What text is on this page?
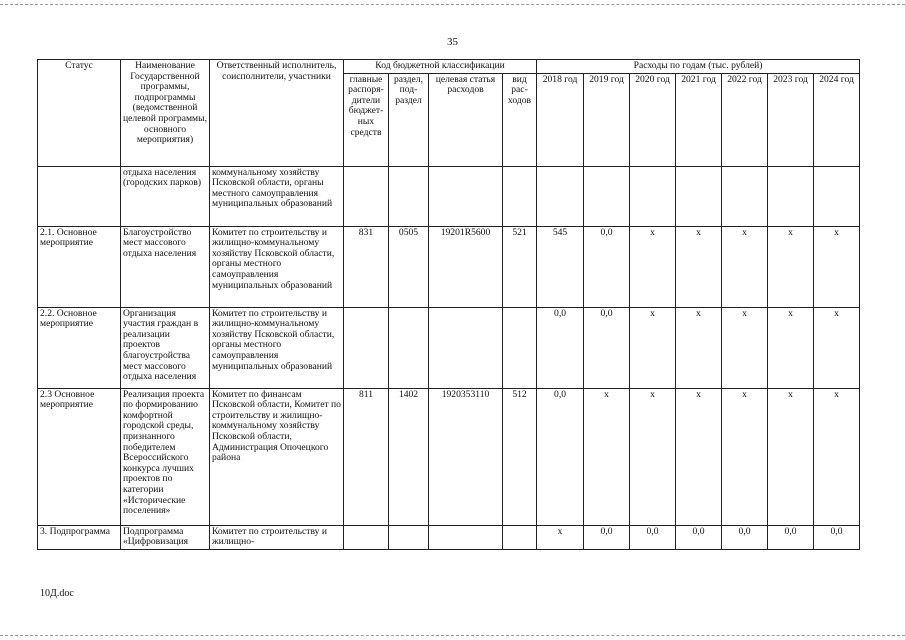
35
Статус	Наименование Государственной программы, подпрограммы (ведомственной целевой программы, основного мероприятия)	Ответственный исполнитель, соисполнители, участники	Код бюджетной классификации				Расходы по годам (тыс. рублей)						
			главные распоря-дители бюджет-ных средств	раздел, под-раздел	целевая статья расходов	вид рас-ходов	2018 год	2019 год	2020 год	2021 год	2022 год	2023 год	2024 год
	отдыха населения (городских парков)	коммунальному хозяйству Псковской области, органы местного самоуправления муниципальных образований											
2.1. Основное мероприятие	Благоустройство мест массового отдыха населения	Комитет по строительству и жилищно-коммунальному хозяйству Псковской области, органы местного самоуправления муниципальных образований	831	0505	19201R5600	521	545	0,0	х	х	х	х	х
2.2. Основное мероприятие	Организация участия граждан в реализации проектов благоустройства мест массового отдыха населения	Комитет по строительству и жилищно-коммунальному хозяйству Псковской области, органы местного самоуправления муниципальных образований					0,0	0,0	х	х	х	х	х
2.3 Основное мероприятие	Реализация проекта по формированию комфортной городской среды, признанного победителем Всероссийского конкурса лучших проектов по категории «Исторические поселения»	Комитет по финансам Псковской области, Комитет по строительству и жилищно-коммунальному хозяйству Псковской области, Администрация Опочецкого района	811	1402	1920353110	512	0,0	х	х	х	х	х	х
3. Подпрограмма	Подпрограмма «Цифровизация	Комитет по строительству и жилищно-					х	0,0	0,0	0,0	0,0	0,0	0,0
10Д.doc
